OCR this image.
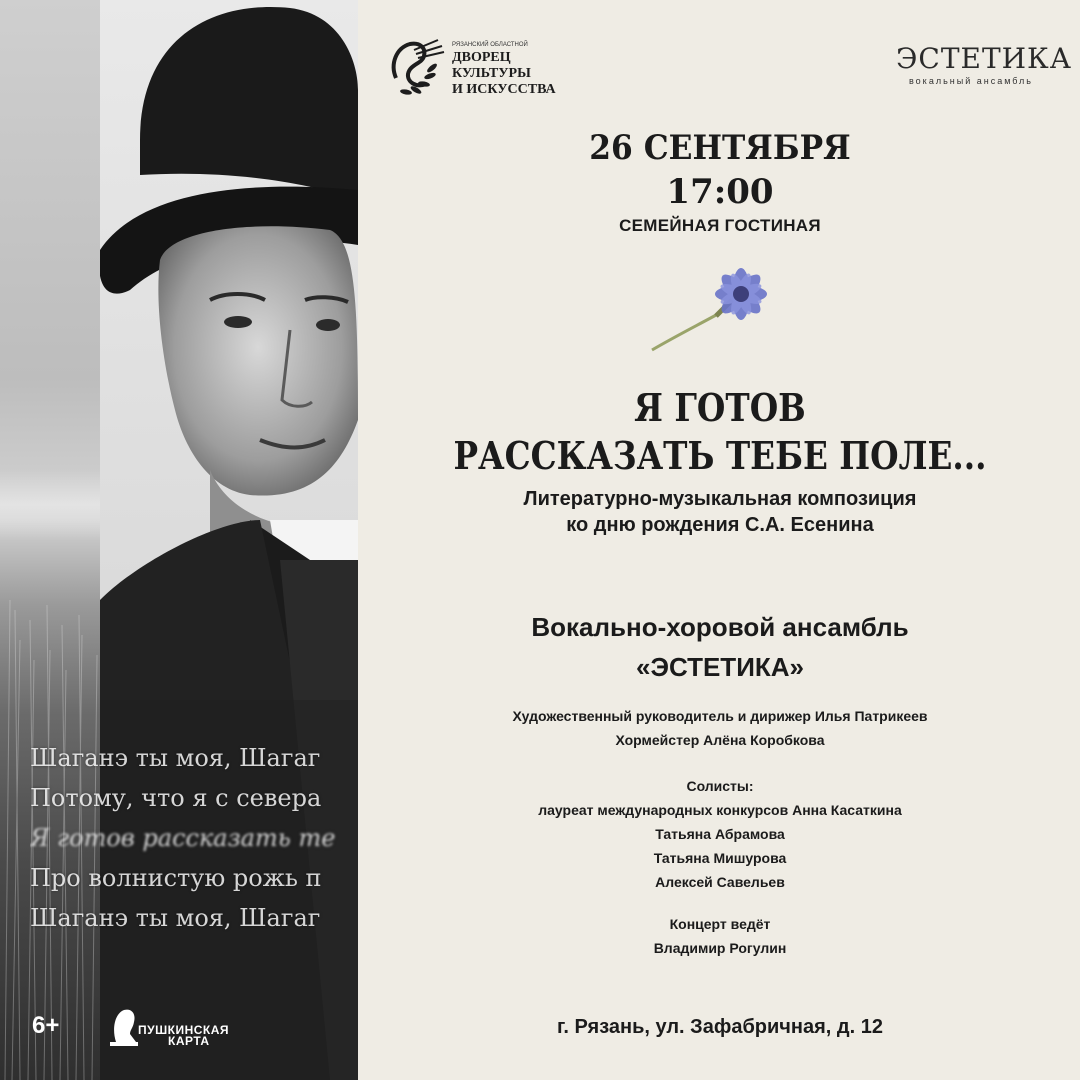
Шаганэ ты моя, Шагаг
Потому, что я с севера
Я готов рассказать те
Про волнистую рожь п
Шаганэ ты моя, Шагаг
6+	ПУШКИНСКАЯ
КАРТА
РЯЗАНСКИЙ ОБЛАСТНОЙ
ДВОРЕЦ
КУЛЬТУРЫ
И ИСКУССТВА
ЭСТЕТИКА
вокальный ансамбль
26 СЕНТЯБРЯ
17:00
СЕМЕЙНАЯ ГОСТИНАЯ
Я ГОТОВ
РАССКАЗАТЬ ТЕБЕ ПОЛЕ...
Литературно-музыкальная композиция
ко дню рождения С.А. Есенина
Вокально-хоровой ансамбль
«ЭСТЕТИКА»
Художественный руководитель и дирижер Илья Патрикеев
Хормейстер Алёна Коробкова
Солисты:
лауреат международных конкурсов Анна Касаткина
Татьяна Абрамова
Татьяна Мишурова
Алексей Савельев
Концерт ведёт
Владимир Рогулин
г. Рязань, ул. Зафабричная, д. 12
